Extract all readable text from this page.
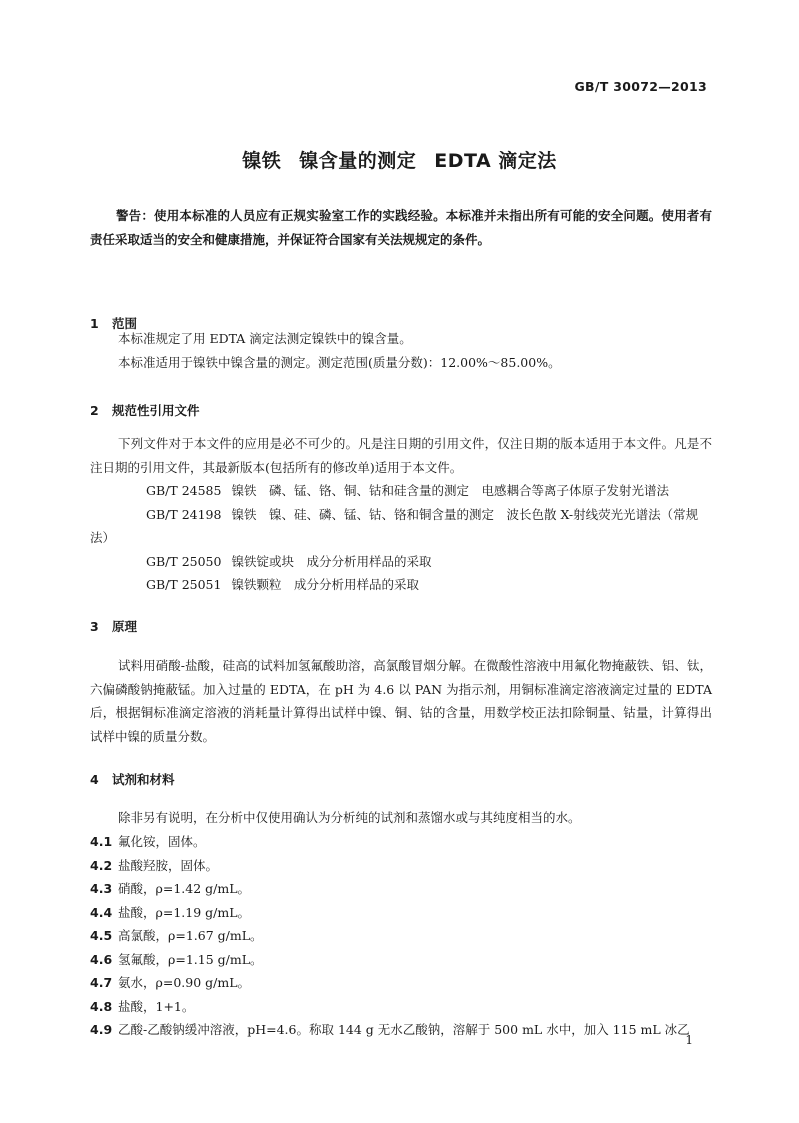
GB/T 30072—2013
镍铁 镍含量的测定 EDTA 滴定法
警告：使用本标准的人员应有正规实验室工作的实践经验。本标准并未指出所有可能的安全问题。使用者有责任采取适当的安全和健康措施，并保证符合国家有关法规规定的条件。
1 范围

本标准规定了用 EDTA 滴定法测定镍铁中的镍含量。

本标准适用于镍铁中镍含量的测定。测定范围(质量分数)：12.00%～85.00%。

2 规范性引用文件

下列文件对于本文件的应用是必不可少的。凡是注日期的引用文件，仅注日期的版本适用于本文件。凡是不注日期的引用文件，其最新版本(包括所有的修改单)适用于本文件。

GB/T 24585 镍铁　磷、锰、铬、铜、钴和硅含量的测定　电感耦合等离子体原子发射光谱法

GB/T 24198 镍铁　镍、硅、磷、锰、钴、铬和铜含量的测定　波长色散 X-射线荧光光谱法（常规法）

GB/T 25050 镍铁锭或块　成分分析用样品的采取

GB/T 25051 镍铁颗粒　成分分析用样品的采取

3 原理

试料用硝酸-盐酸，硅高的试料加氢氟酸助溶，高氯酸冒烟分解。在微酸性溶液中用氟化物掩蔽铁、铝、钛，六偏磷酸钠掩蔽锰。加入过量的 EDTA，在 pH 为 4.6 以 PAN 为指示剂，用铜标准滴定溶液滴定过量的 EDTA 后，根据铜标准滴定溶液的消耗量计算得出试样中镍、铜、钴的含量，用数学校正法扣除铜量、钴量，计算得出试样中镍的质量分数。

4 试剂和材料

除非另有说明，在分析中仅使用确认为分析纯的试剂和蒸馏水或与其纯度相当的水。

4.1 氟化铵，固体。
4.2 盐酸羟胺，固体。
4.3 硝酸，ρ=1.42 g/mL。
4.4 盐酸，ρ=1.19 g/mL。
4.5 高氯酸，ρ=1.67 g/mL。
4.6 氢氟酸，ρ=1.15 g/mL。
4.7 氨水，ρ=0.90 g/mL。
4.8 盐酸，1+1。
4.9 乙酸-乙酸钠缓冲溶液，pH=4.6。称取 144 g 无水乙酸钠，溶解于 500 mL 水中，加入 115 mL 冰乙
1
